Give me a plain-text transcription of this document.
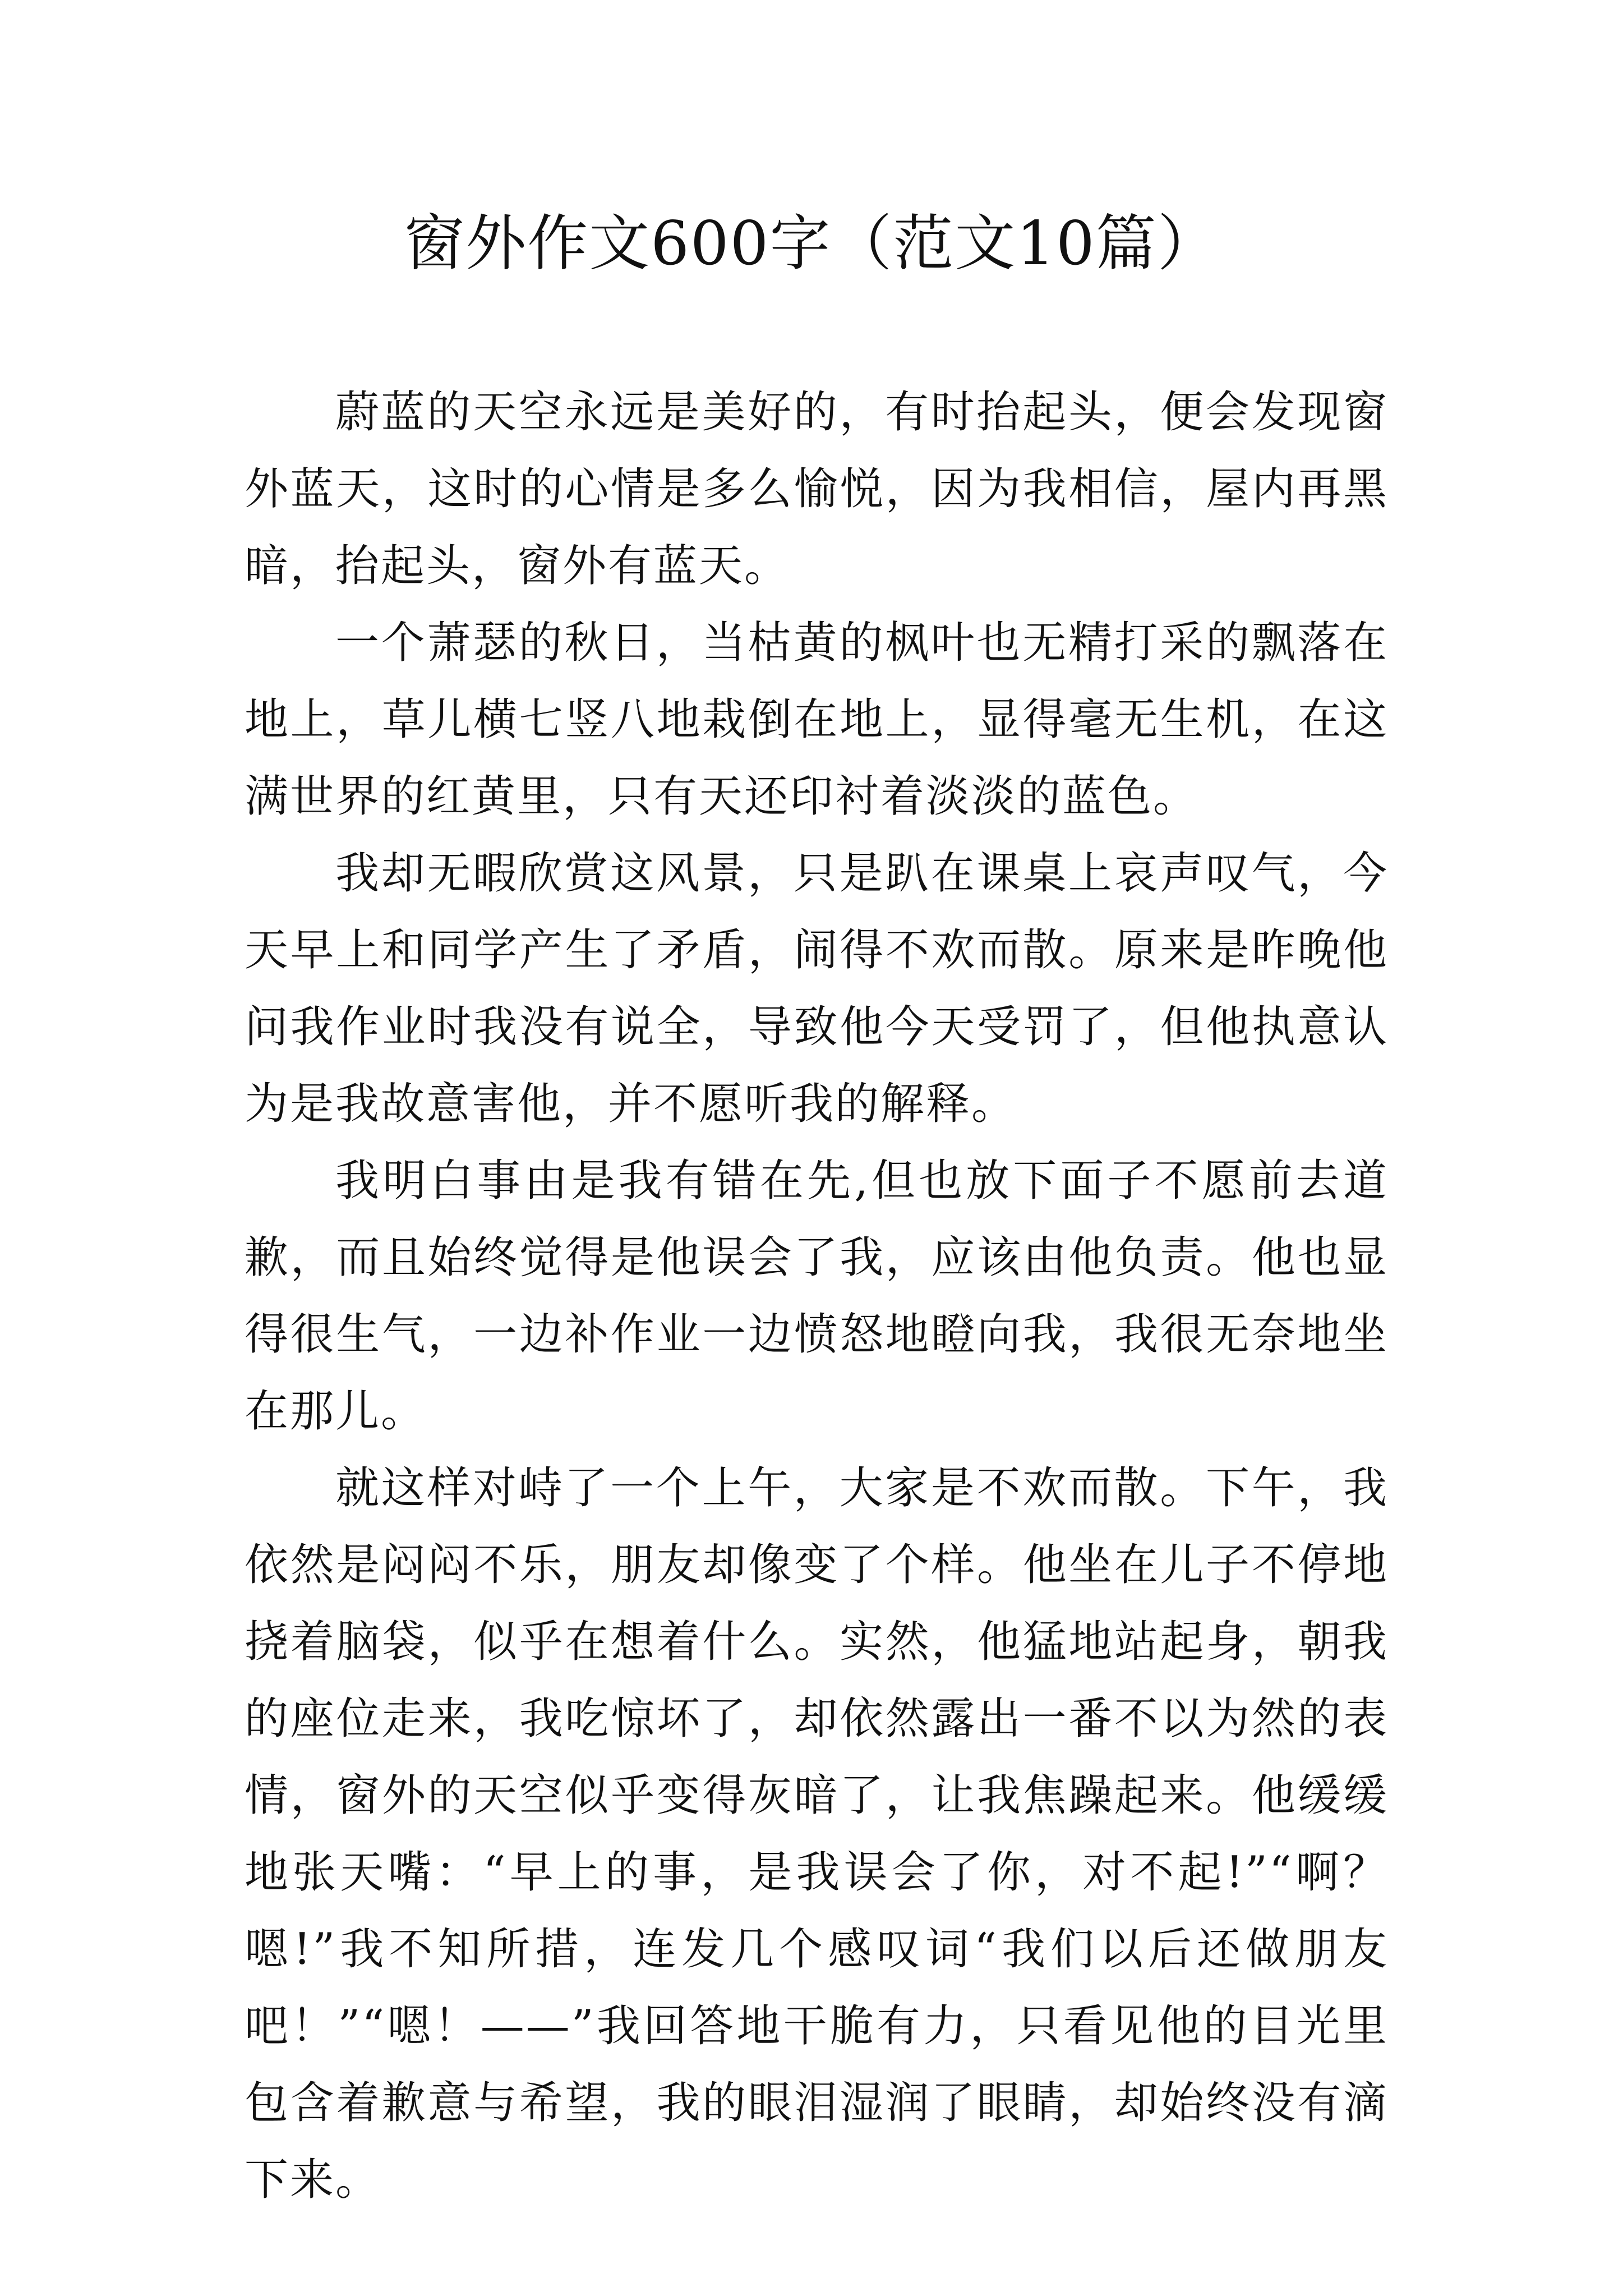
窗外作文600字（范文10篇）

蔚蓝的天空永远是美好的，有时抬起头，便会发现窗外蓝天，这时的心情是多么愉悦，因为我相信，屋内再黑暗，抬起头，窗外有蓝天。

一个萧瑟的秋日，当枯黄的枫叶也无精打采的飘落在地上，草儿横七竖八地栽倒在地上，显得毫无生机，在这满世界的红黄里，只有天还印衬着淡淡的蓝色。

我却无暇欣赏这风景，只是趴在课桌上哀声叹气，今天早上和同学产生了矛盾，闹得不欢而散。原来是昨晚他问我作业时我没有说全，导致他今天受罚了，但他执意认为是我故意害他，并不愿听我的解释。

我明白事由是我有错在先,但也放下面子不愿前去道歉，而且始终觉得是他误会了我，应该由他负责。他也显得很生气，一边补作业一边愤怒地瞪向我，我很无奈地坐在那儿。

就这样对峙了一个上午，大家是不欢而散。下午，我依然是闷闷不乐，朋友却像变了个样。他坐在儿子不停地挠着脑袋，似乎在想着什么。实然，他猛地站起身，朝我的座位走来，我吃惊坏了，却依然露出一番不以为然的表情，窗外的天空似乎变得灰暗了，让我焦躁起来。他缓缓地张天嘴：“早上的事，是我误会了你，对不起!”“啊？嗯!”我不知所措，连发几个感叹词“我们以后还做朋友吧！”“嗯！——”我回答地干脆有力，只看见他的目光里包含着歉意与希望，我的眼泪湿润了眼睛，却始终没有滴下来。
